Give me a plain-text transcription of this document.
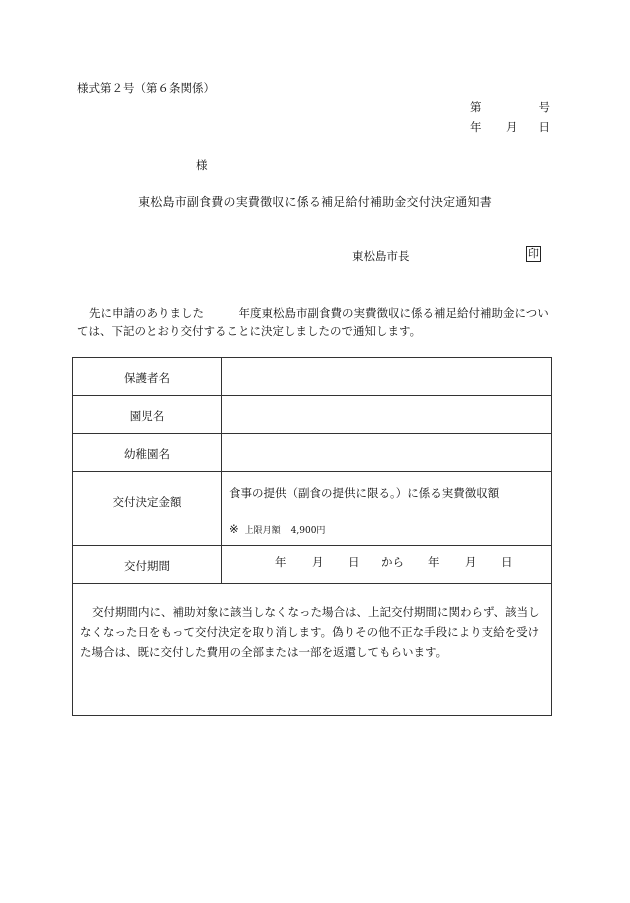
様式第２号（第６条関係）
第	号
年 月 日
様
東松島市副食費の実費徴収に係る補足給付補助金交付決定通知書
東松島市長	印
先に申請のありました　　　年度東松島市副食費の実費徴収に係る補足給付補助金については、下記のとおり交付することに決定しましたので通知します。
保護者名
園児名
幼稚園名
交付決定金額
交付期間
食事の提供（副食の提供に限る。）に係る実費徴収額
※ 上限月額 4,900円
年 月 日 から 年 月 日
交付期間内に、補助対象に該当しなくなった場合は、上記交付期間に関わらず、該当しなくなった日をもって交付決定を取り消します。偽りその他不正な手段により支給を受けた場合は、既に交付した費用の全部または一部を返還してもらいます。
